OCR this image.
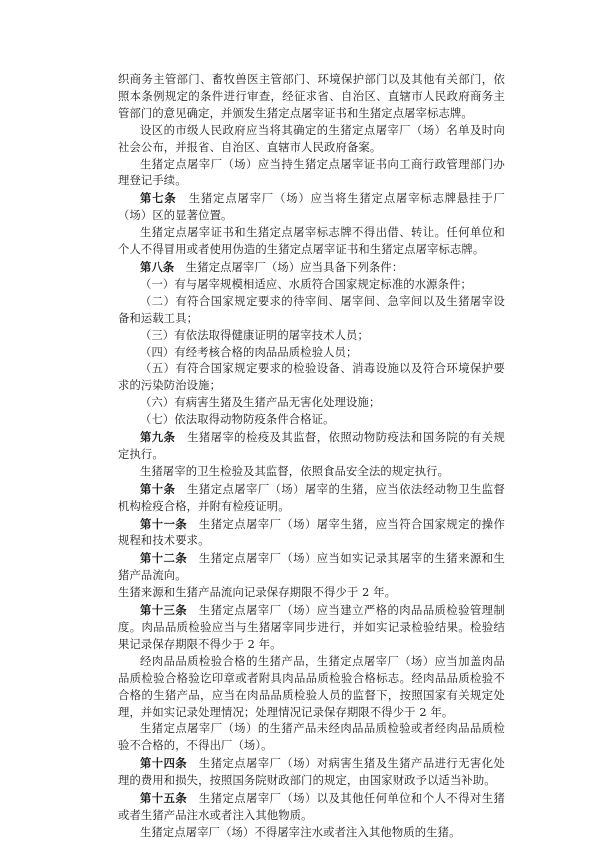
织商务主管部门、畜牧兽医主管部门、环境保护部门以及其他有关部门，依照本条例规定的条件进行审查，经征求省、自治区、直辖市人民政府商务主管部门的意见确定，并颁发生猪定点屠宰证书和生猪定点屠宰标志牌。

设区的市级人民政府应当将其确定的生猪定点屠宰厂（场）名单及时向社会公布，并报省、自治区、直辖市人民政府备案。

生猪定点屠宰厂（场）应当持生猪定点屠宰证书向工商行政管理部门办理登记手续。

第七条  生猪定点屠宰厂（场）应当将生猪定点屠宰标志牌悬挂于厂（场）区的显著位置。

生猪定点屠宰证书和生猪定点屠宰标志牌不得出借、转让。任何单位和个人不得冒用或者使用伪造的生猪定点屠宰证书和生猪定点屠宰标志牌。

第八条  生猪定点屠宰厂（场）应当具备下列条件：

（一）有与屠宰规模相适应、水质符合国家规定标准的水源条件；

（二）有符合国家规定要求的待宰间、屠宰间、急宰间以及生猪屠宰设备和运载工具；

（三）有依法取得健康证明的屠宰技术人员；

（四）有经考核合格的肉品品质检验人员；

（五）有符合国家规定要求的检验设备、消毒设施以及符合环境保护要求的污染防治设施；

（六）有病害生猪及生猪产品无害化处理设施；

（七）依法取得动物防疫条件合格证。

第九条  生猪屠宰的检疫及其监督，依照动物防疫法和国务院的有关规定执行。

生猪屠宰的卫生检验及其监督，依照食品安全法的规定执行。

第十条  生猪定点屠宰厂（场）屠宰的生猪，应当依法经动物卫生监督机构检疫合格，并附有检疫证明。

第十一条  生猪定点屠宰厂（场）屠宰生猪，应当符合国家规定的操作规程和技术要求。

第十二条  生猪定点屠宰厂（场）应当如实记录其屠宰的生猪来源和生猪产品流向。

生猪来源和生猪产品流向记录保存期限不得少于 2 年。

第十三条  生猪定点屠宰厂（场）应当建立严格的肉品品质检验管理制度。肉品品质检验应当与生猪屠宰同步进行，并如实记录检验结果。检验结果记录保存期限不得少于 2 年。

经肉品品质检验合格的生猪产品，生猪定点屠宰厂（场）应当加盖肉品品质检验合格验讫印章或者附具肉品品质检验合格标志。经肉品品质检验不合格的生猪产品，应当在肉品品质检验人员的监督下，按照国家有关规定处理，并如实记录处理情况；处理情况记录保存期限不得少于 2 年。

生猪定点屠宰厂（场）的生猪产品未经肉品品质检验或者经肉品品质检验不合格的，不得出厂（场）。

第十四条  生猪定点屠宰厂（场）对病害生猪及生猪产品进行无害化处理的费用和损失，按照国务院财政部门的规定，由国家财政予以适当补助。

第十五条  生猪定点屠宰厂（场）以及其他任何单位和个人不得对生猪或者生猪产品注水或者注入其他物质。

生猪定点屠宰厂（场）不得屠宰注水或者注入其他物质的生猪。
